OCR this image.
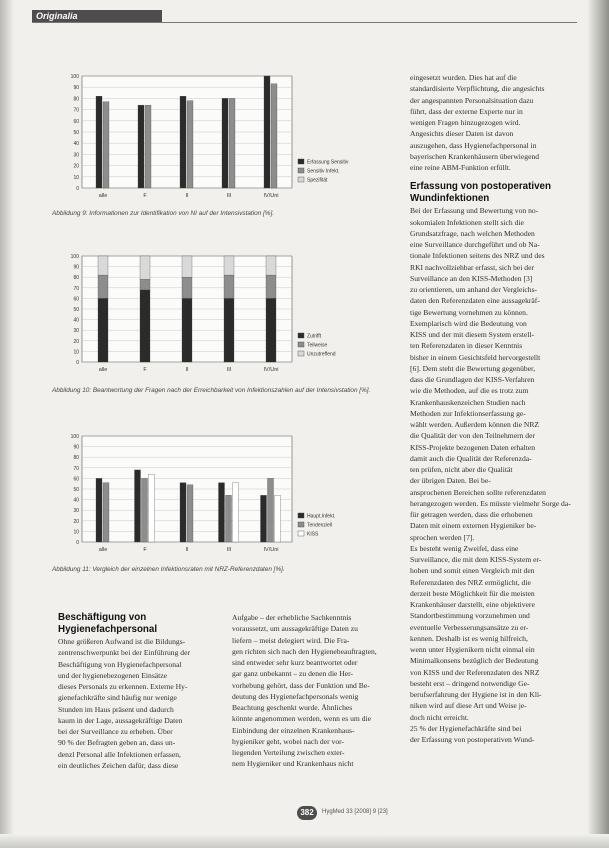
Originalia
0
10
20
30
40
50
60
70
80
90
100
alle	F	II	III	IV/Uni
Erfassung Sensitiv
Sensitiv Infekt.
Spezifität
Abbildung 9: Informationen zur Identifikation von NI auf der Intensivstation [%].
0
10
20
30
40
50
60
70
80
90
100
alle	F	II	III	IV/Uni
Zutrifft
Teilweise
Unzutreffend
Abbildung 10: Beantwortung der Fragen nach der Erreichbarkeit von Infektionszahlen auf der Intensivstation [%].
0
10
20
30
40
50
60
70
80
90
100
alle	F	II	III	IV/Uni
Haupt.Infekt.
Tendenziell
KISS
Abbildung 11: Vergleich der einzelnen Infektionsraten mit NRZ-Referenzdaten [%].

Beschäftigung von

Hygienefachpersonal

Ohne größeren Aufwand ist die Bildungs-

zentrenschwerpunkt bei der Einführung der

Beschäftigung von Hygienefachpersonal

und der hygienebezogenen Einsätze

dieses Personals zu erkennen. Externe Hy-

gienefachkräfte sind häufig nur wenige

Stunden im Haus präsent und dadurch

kaum in der Lage, aussagekräftige Daten

bei der Surveillance zu erheben. Über

90 % der Befragten geben an, dass un-

denzl Personal alle Infektionen erfassen,

ein deutliches Zeichen dafür, dass diese

Aufgabe – der erhebliche Sachkenntnis

voraussetzt, um aussagekräftige Daten zu

liefern – meist delegiert wird. Die Fra-

gen richten sich nach den Hygienebeauftragten,

sind entweder sehr kurz beantwortet oder

gar ganz unbekannt – zu denen die Her-

vorhebung gehört, dass der Funktion und Be-

deutung des Hygienefachpersonals wenig

Beachtung geschenkt wurde. Ähnliches

könnte angenommen werden, wenn es um die

Einbindung der einzelnen Krankenhaus-

hygieniker geht, wobei nach der vor-

liegenden Verteilung zwischen exter-

nem Hygieniker und Krankenhaus nicht

eingesetzt wurden. Dies hat auf die

standardisierte Verpflichtung, die angesichts

der angespannten Personalsituation dazu

führt, dass der externe Experte nur in

wenigen Fragen hinzugezogen wird.

Angesichts dieser Daten ist davon

auszugehen, dass Hygienefachpersonal in

bayerischen Krankenhäusern überwiegend

eine reine ABM-Funktion erfüllt.

Erfassung von postoperativen

Wundinfektionen

Bei der Erfassung und Bewertung von no-

sokomialen Infektionen stellt sich die

Grundsatzfrage, nach welchen Methoden

eine Surveillance durchgeführt und ob Na-

tionale Infektionen seitens des NRZ und des

RKI nachvollziehbar erfasst, sich bei der

Surveillance an den KISS-Methoden [3]

zu orientieren, um anhand der Vergleichs-

daten den Referenzdaten eine aussagekräf-

tige Bewertung vornehmen zu können.

Exemplarisch wird die Bedeutung von

KISS und der mit diesem System erstell-

ten Referenzdaten in dieser Kenntnis

bisher in einem Gesichtsfeld hervorgestellt

[6]. Dem steht die Bewertung gegenüber,

dass die Grundlagen der KISS-Verfahren

wie die Methoden, auf die es trotz zum

Krankenhauskenzeichen Studien nach

Methoden zur Infektionserfassung ge-

wählt werden. Außerdem können die NRZ

die Qualität der von den Teilnehmern der

KISS-Projekte bezogenen Daten erhalten

damit auch die Qualität der Referenzda-

ten prüfen, nicht aber die Qualität

der übrigen Daten. Bei be-

ansprochenen Bereichen sollte referenzdaten

herangezogen werden. Es müsste vielmehr Sorge da-

für getragen werden, dass die erhobenen

Daten mit einem externen Hygieniker be-

sprochen werden [7].

Es besteht wenig Zweifel, dass eine

Surveillance, die mit dem KISS-System er-

hoben und somit einen Vergleich mit den

Referenzdaten des NRZ ermöglicht, die

derzeit beste Möglichkeit für die meisten

Krankenhäuser darstellt, eine objektivere

Standortbestimmung vorzunehmen und

eventuelle Verbesserungsansätze zu er-

kennen. Deshalb ist es wenig hilfreich,

wenn unter Hygienikern nicht einmal ein

Minimalkonsens bezüglich der Bedeutung

von KISS und der Referenzdaten des NRZ

besteht erst – dringend notwendige Ge-

berufserfahrung der Hygiene ist in den Kli-

niken wird auf diese Art und Weise je-

doch nicht erreicht.

25 % der Hygienefachkräfte sind bei

der Erfassung von postoperativen Wund-

382	HygMed 33 [2008] 9 [23]
